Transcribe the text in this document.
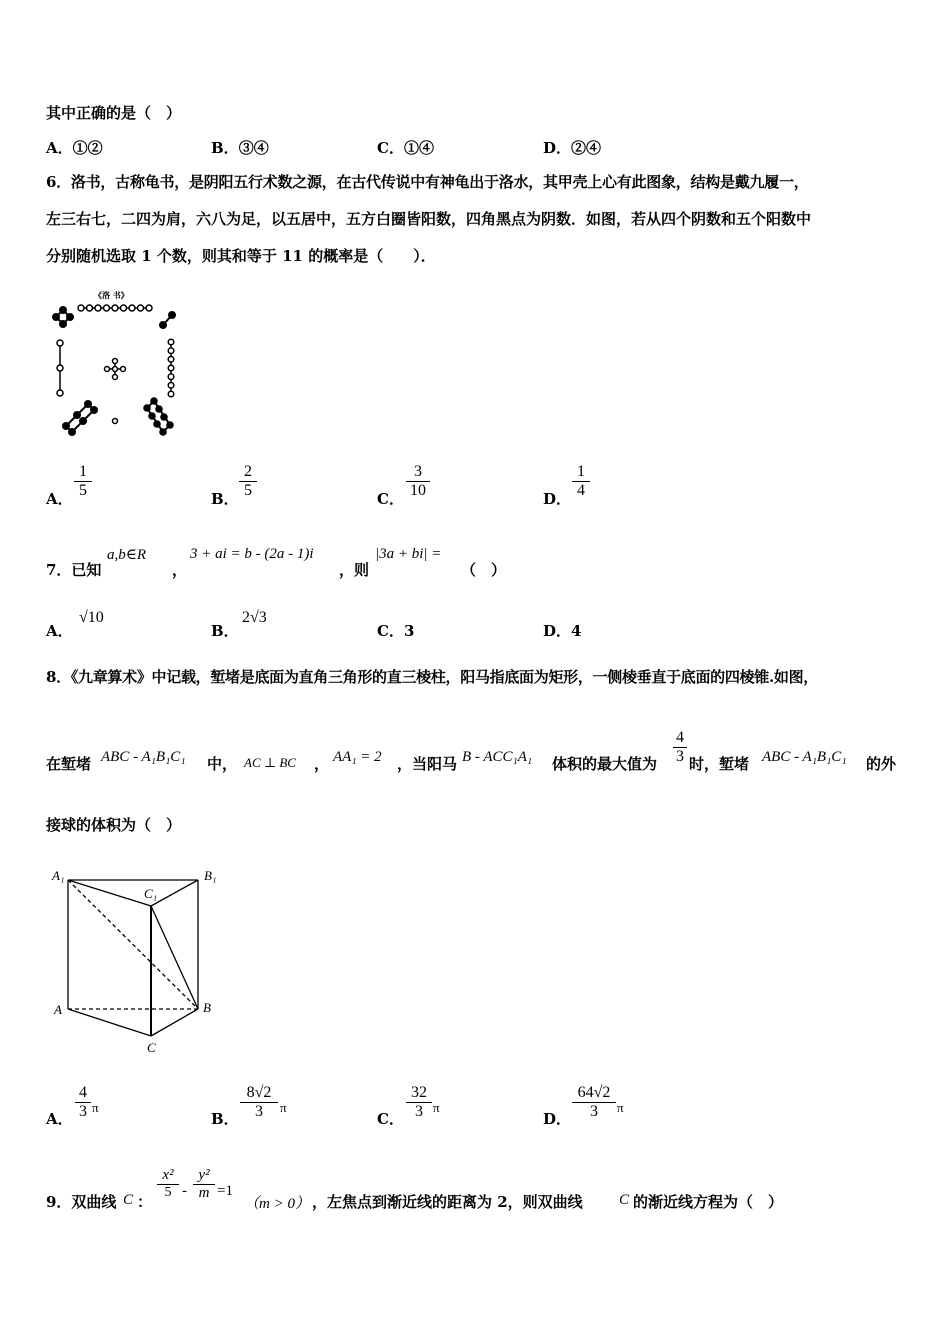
其中正确的是（　）
A．①②	B．③④	C．①④	D．②④
6．洛书，古称龟书，是阴阳五行术数之源，在古代传说中有神龟出于洛水，其甲壳上心有此图象，结构是戴九履一，
左三右七，二四为肩，六八为足，以五居中，五方白圈皆阳数，四角黑点为阴数．如图，若从四个阴数和五个阳数中
分别随机选取 1 个数，则其和等于 11 的概率是（　　）．
《洛 书》
A．
1
5	B．
2
5	C．
3
10	D．
1
4
7．已知
a,b∈R
，
3 + ai = b - (2a - 1)i
，则
|3a + bi| =
（　）
A．
√10
B．
2√3
C．3	D．4
8．《九章算术》中记载，堑堵是底面为直角三角形的直三棱柱，阳马指底面为矩形，一侧棱垂直于底面的四棱锥.如图，
在堑堵 ABC - A₁B₁C₁ 中， AC ⊥ BC ， AA₁ = 2 ，当阳马 B - ACC₁A₁ 体积的最大值为
4
3 时，堑堵 ABC - A₁B₁C₁ 的外
接球的体积为（　）
A₁	B₁
C₁
A	B
C
A．
4
3 π
B．
8√2
3	π
C．
32
3 π
D．
64√2
3	π
9．双曲线 C ：
x²
5 -
y²
m =1
（m > 0） ，左焦点到渐近线的距离为 2，则双曲线 C 的渐近线方程为（　）
